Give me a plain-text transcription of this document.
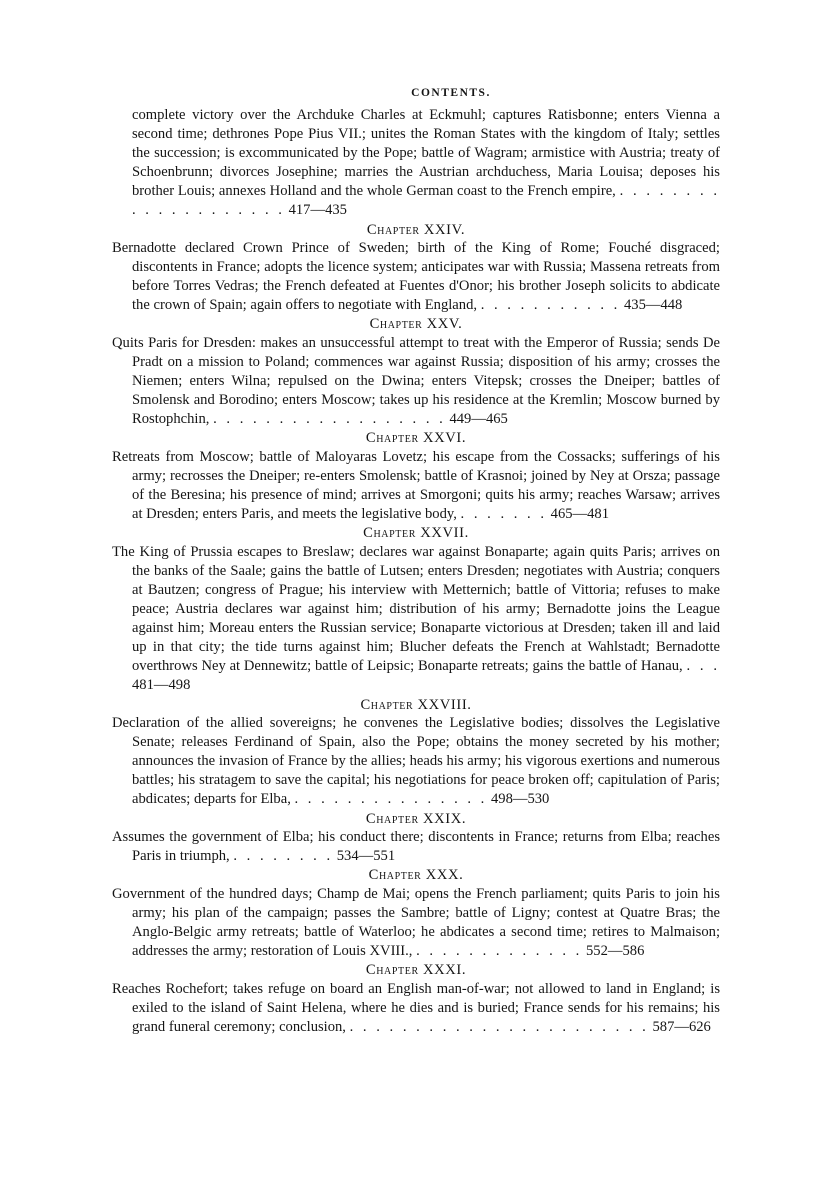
CONTENTS.

complete victory over the Archduke Charles at Eckmuhl; captures Ratisbonne; enters Vienna a second time; dethrones Pope Pius VII.; unites the Roman States with the kingdom of Italy; settles the succession; is excommunicated by the Pope; battle of Wagram; armistice with Austria; treaty of Schoenbrunn; divorces Josephine; marries the Austrian archduchess, Maria Louisa; deposes his brother Louis; annexes Holland and the whole German coast to the French empire, . . . . . . . . . . . . . . . . . . . . 417—435

Chapter XXIV.

Bernadotte declared Crown Prince of Sweden; birth of the King of Rome; Fouché disgraced; discontents in France; adopts the licence system; anticipates war with Russia; Massena retreats from before Torres Vedras; the French defeated at Fuentes d'Onor; his brother Joseph solicits to abdicate the crown of Spain; again offers to negotiate with England, . . . . . . . . . . . 435—448

Chapter XXV.

Quits Paris for Dresden: makes an unsuccessful attempt to treat with the Emperor of Russia; sends De Pradt on a mission to Poland; commences war against Russia; disposition of his army; crosses the Niemen; enters Wilna; repulsed on the Dwina; enters Vitepsk; crosses the Dneiper; battles of Smolensk and Borodino; enters Moscow; takes up his residence at the Kremlin; Moscow burned by Rostophchin, . . . . . . . . . . . . . . . . . . 449—465

Chapter XXVI.

Retreats from Moscow; battle of Maloyaras Lovetz; his escape from the Cossacks; sufferings of his army; recrosses the Dneiper; re-enters Smolensk; battle of Krasnoi; joined by Ney at Orsza; passage of the Beresina; his presence of mind; arrives at Smorgoni; quits his army; reaches Warsaw; arrives at Dresden; enters Paris, and meets the legislative body, . . . . . . . 465—481

Chapter XXVII.

The King of Prussia escapes to Breslaw; declares war against Bonaparte; again quits Paris; arrives on the banks of the Saale; gains the battle of Lutsen; enters Dresden; negotiates with Austria; conquers at Bautzen; congress of Prague; his interview with Metternich; battle of Vittoria; refuses to make peace; Austria declares war against him; distribution of his army; Bernadotte joins the League against him; Moreau enters the Russian service; Bonaparte victorious at Dresden; taken ill and laid up in that city; the tide turns against him; Blucher defeats the French at Wahlstadt; Bernadotte overthrows Ney at Dennewitz; battle of Leipsic; Bonaparte retreats; gains the battle of Hanau, . . . 481—498

Chapter XXVIII.

Declaration of the allied sovereigns; he convenes the Legislative bodies; dissolves the Legislative Senate; releases Ferdinand of Spain, also the Pope; obtains the money secreted by his mother; announces the invasion of France by the allies; heads his army; his vigorous exertions and numerous battles; his stratagem to save the capital; his negotiations for peace broken off; capitulation of Paris; abdicates; departs for Elba, . . . . . . . . . . . . . . . 498—530

Chapter XXIX.

Assumes the government of Elba; his conduct there; discontents in France; returns from Elba; reaches Paris in triumph, . . . . . . . . 534—551

Chapter XXX.

Government of the hundred days; Champ de Mai; opens the French parliament; quits Paris to join his army; his plan of the campaign; passes the Sambre; battle of Ligny; contest at Quatre Bras; the Anglo-Belgic army retreats; battle of Waterloo; he abdicates a second time; retires to Malmaison; addresses the army; restoration of Louis XVIII., . . . . . . . . . . . . . 552—586

Chapter XXXI.

Reaches Rochefort; takes refuge on board an English man-of-war; not allowed to land in England; is exiled to the island of Saint Helena, where he dies and is buried; France sends for his remains; his grand funeral ceremony; conclusion, . . . . . . . . . . . . . . . . . . . . . . . 587—626
